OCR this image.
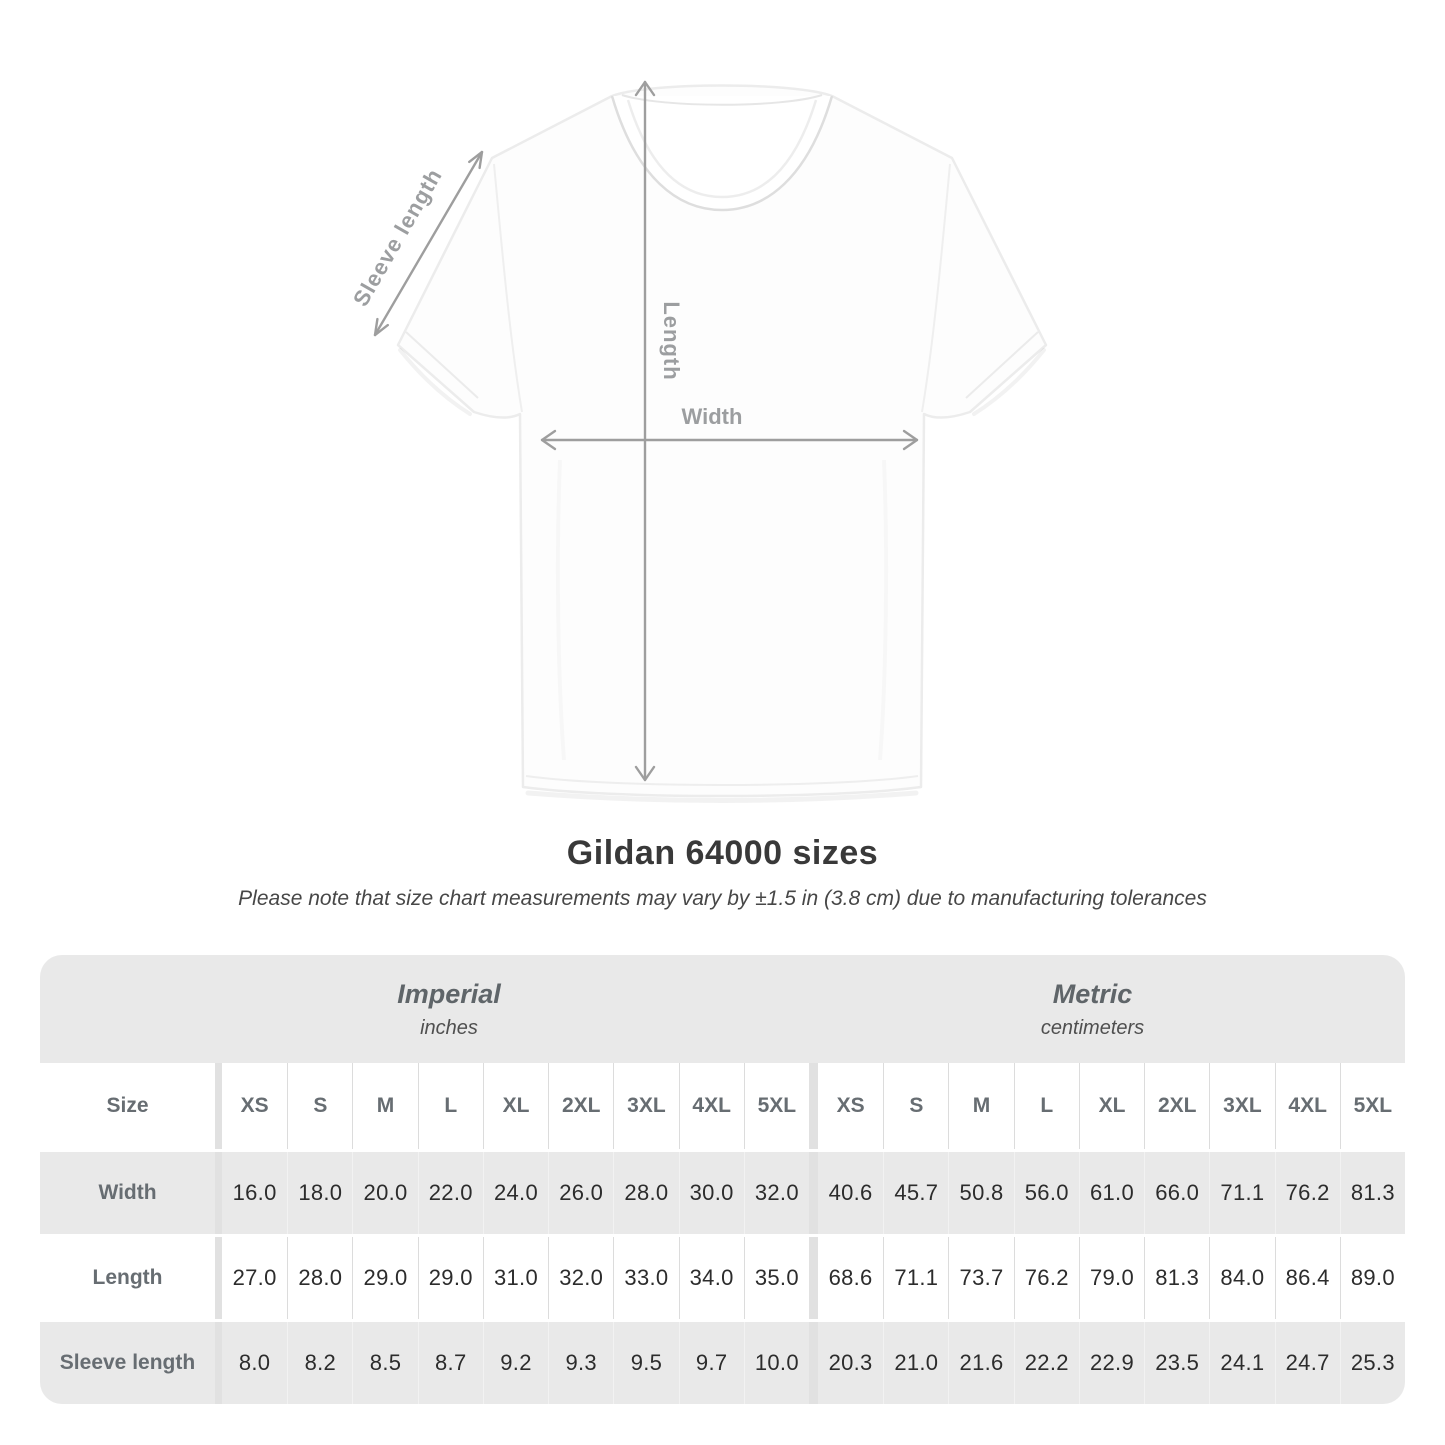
Width
Length
Sleeve length
Gildan 64000 sizes

Please note that size chart measurements may vary by ±1.5 in (3.8 cm) due to manufacturing tolerances

Imperial
inches
Metric
centimeters
Size	XS	S	M	L	XL	2XL	3XL	4XL	5XL	XS	S	M	L	XL	2XL	3XL	4XL	5XL
Width	16.0 18.0 20.0 22.0 24.0 26.0 28.0 30.0 32.0	40.6 45.7 50.8 56.0 61.0 66.0 71.1 76.2 81.3
Length	27.0 28.0 29.0 29.0 31.0 32.0 33.0 34.0 35.0	68.6 71.1 73.7 76.2 79.0 81.3 84.0 86.4 89.0
Sleeve length	8.0	8.2	8.5	8.7	9.2	9.3	9.5	9.7	10.0	20.3 21.0 21.6 22.2 22.9 23.5 24.1 24.7 25.3
